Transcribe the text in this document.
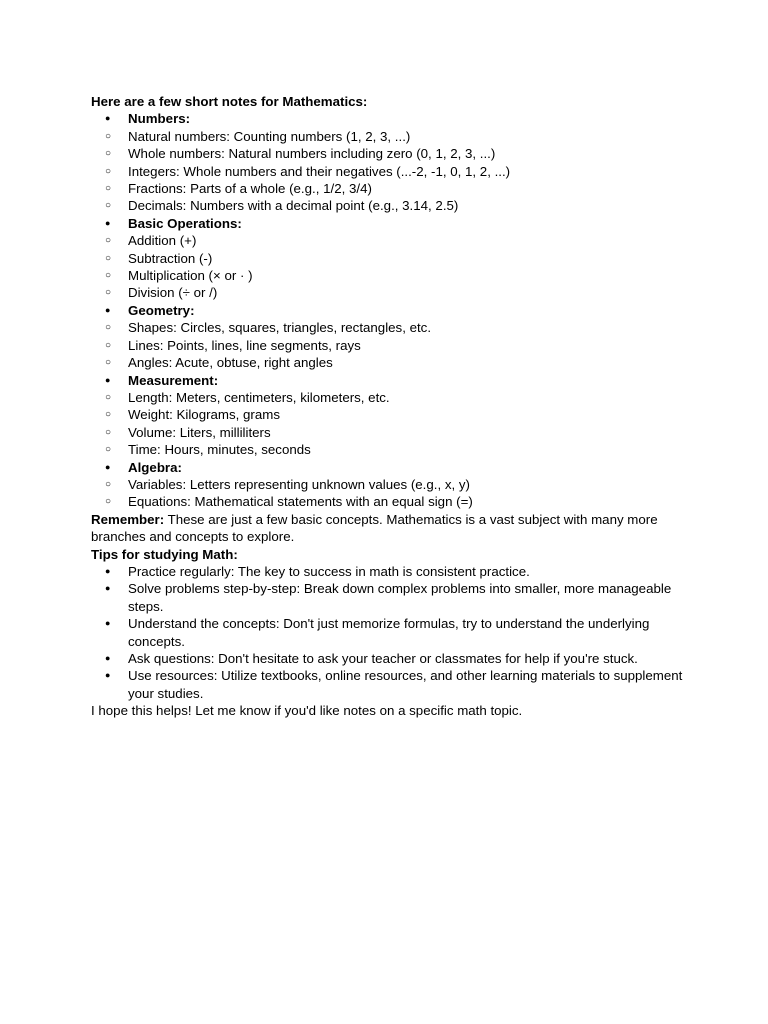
Here are a few short notes for Mathematics:

● Numbers:
○ Natural numbers: Counting numbers (1, 2, 3, ...)
○ Whole numbers: Natural numbers including zero (0, 1, 2, 3, ...)
○ Integers: Whole numbers and their negatives (...-2, -1, 0, 1, 2, ...)
○ Fractions: Parts of a whole (e.g., 1/2, 3/4)
○ Decimals: Numbers with a decimal point (e.g., 3.14, 2.5)
● Basic Operations:
○ Addition (+)
○ Subtraction (-)
○ Multiplication (× or · )
○ Division (÷ or /)
● Geometry:
○ Shapes: Circles, squares, triangles, rectangles, etc.
○ Lines: Points, lines, line segments, rays
○ Angles: Acute, obtuse, right angles
● Measurement:
○ Length: Meters, centimeters, kilometers, etc.
○ Weight: Kilograms, grams
○ Volume: Liters, milliliters
○ Time: Hours, minutes, seconds
● Algebra:
○ Variables: Letters representing unknown values (e.g., x, y)
○ Equations: Mathematical statements with an equal sign (=)

Remember: These are just a few basic concepts. Mathematics is a vast subject with many more branches and concepts to explore.

Tips for studying Math:

● Practice regularly: The key to success in math is consistent practice.
● Solve problems step-by-step: Break down complex problems into smaller, more manageable steps.
● Understand the concepts: Don't just memorize formulas, try to understand the underlying concepts.
● Ask questions: Don't hesitate to ask your teacher or classmates for help if you're stuck.
● Use resources: Utilize textbooks, online resources, and other learning materials to supplement your studies.

I hope this helps! Let me know if you'd like notes on a specific math topic.
